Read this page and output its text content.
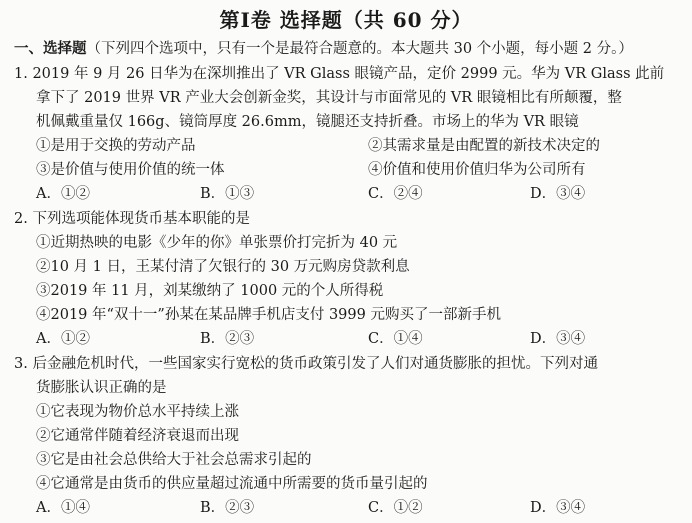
第Ⅰ卷 选择题（共 60 分）
一、选择题（下列四个选项中，只有一个是最符合题意的。本大题共 30 个小题，每小题 2 分。）
1. 2019 年 9 月 26 日华为在深圳推出了 VR Glass 眼镜产品，定价 2999 元。华为 VR Glass 此前
拿下了 2019 世界 VR 产业大会创新金奖，其设计与市面常见的 VR 眼镜相比有所颠覆，整
机佩戴重量仅 166g、镜筒厚度 26.6mm，镜腿还支持折叠。市场上的华为 VR 眼镜
①是用于交换的劳动产品	②其需求量是由配置的新技术决定的
③是价值与使用价值的统一体	④价值和使用价值归华为公司所有
A．①②	B．①③	C．②④	D．③④
2. 下列选项能体现货币基本职能的是
①近期热映的电影《少年的你》单张票价打完折为 40 元
②10 月 1 日，王某付清了欠银行的 30 万元购房贷款利息
③2019 年 11 月，刘某缴纳了 1000 元的个人所得税
④2019 年“双十一”孙某在某品牌手机店支付 3999 元购买了一部新手机
A．①②	B．②③	C．①④	D．③④
3. 后金融危机时代，一些国家实行宽松的货币政策引发了人们对通货膨胀的担忧。下列对通
货膨胀认识正确的是
①它表现为物价总水平持续上涨
②它通常伴随着经济衰退而出现
③它是由社会总供给大于社会总需求引起的
④它通常是由货币的供应量超过流通中所需要的货币量引起的
A．①④	B．②③	C．①②	D．③④
